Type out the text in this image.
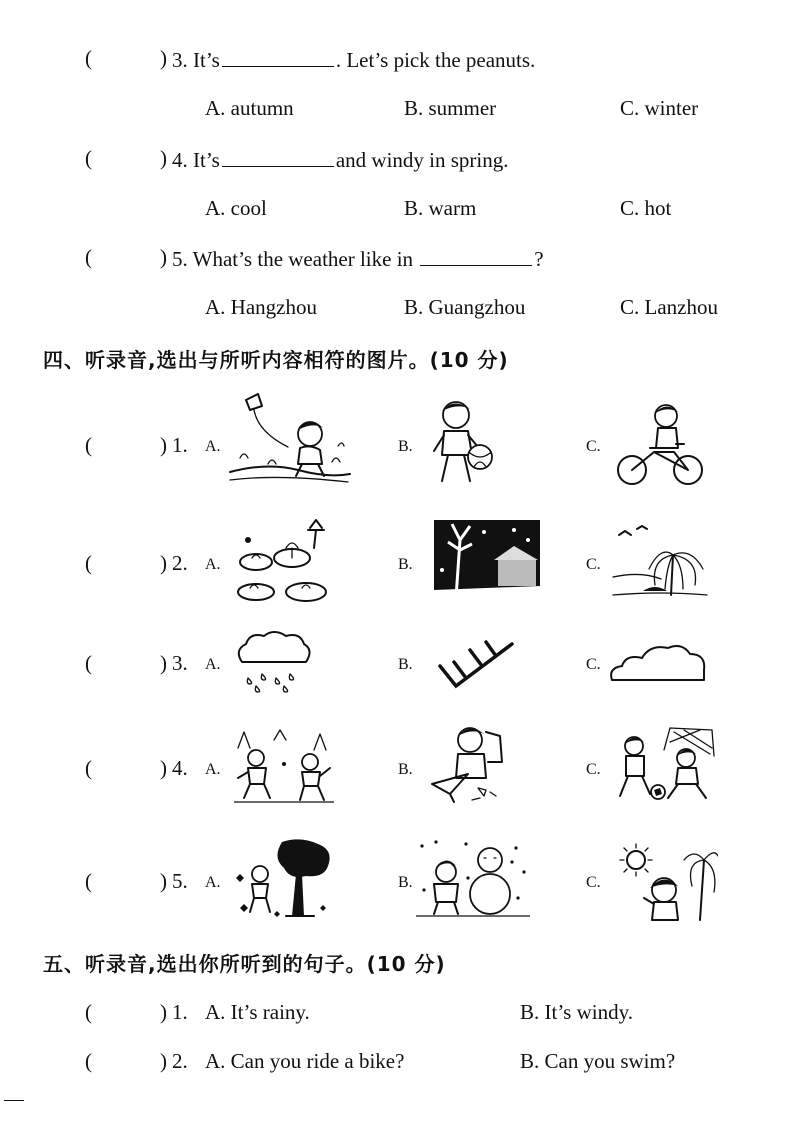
(	) 3. It’s	. Let’s pick the peanuts.
A. autumn	B. summer	C. winter
(	) 4. It’s	and windy in spring.
A. cool	B. warm	C. hot
(	) 5. What’s the weather like in	?
A. Hangzhou	B. Guangzhou	C. Lanzhou
四、听录音,选出与所听内容相符的图片。(10 分)
(	) 1. A.	B.	C.
(	) 2. A.	B.	C.
(	) 3. A.	B.	C.
(	) 4. A.	B.	C.
(	) 5. A.	B.	C.
五、听录音,选出你所听到的句子。(10 分)
(	) 1. A. It’s rainy.	B. It’s windy.
(	) 2. A. Can you ride a bike?	B. Can you swim?
